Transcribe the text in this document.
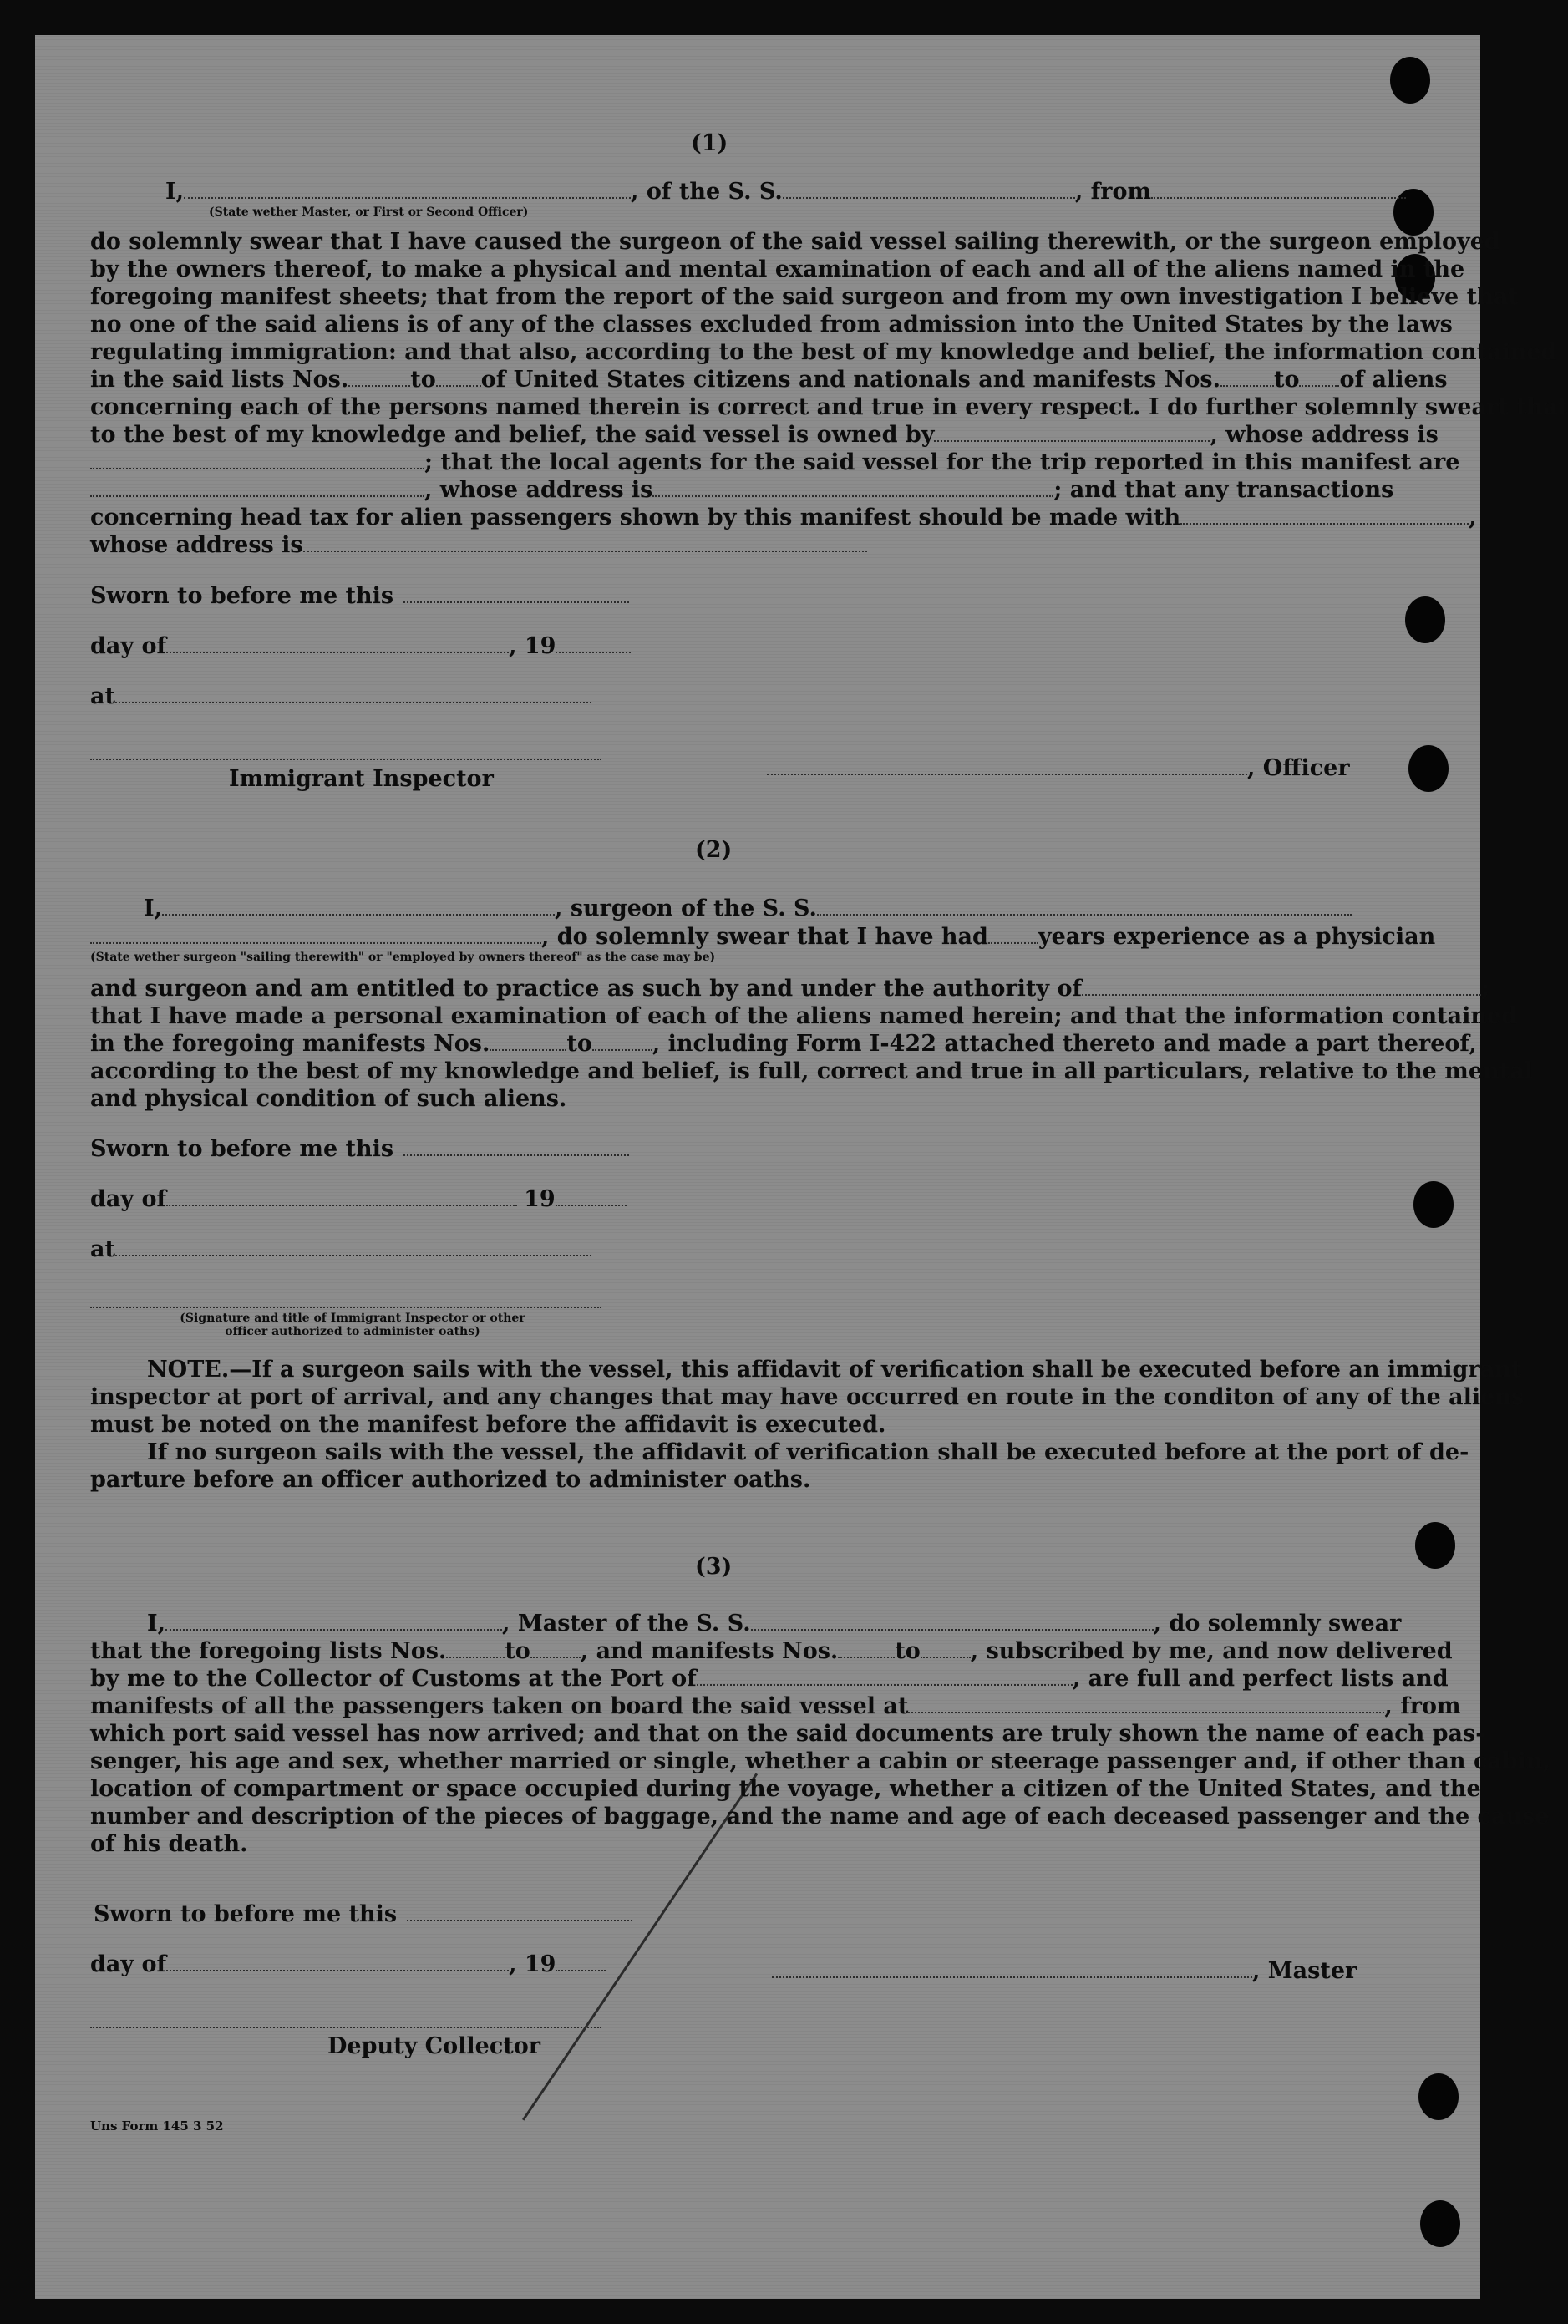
(1)
I,	, of the S. S.	, from
(State wether Master, or First or Second Officer)
do solemnly swear that I have caused the surgeon of the said vessel sailing therewith, or the surgeon employed
by the owners thereof, to make a physical and mental examination of each and all of the aliens named in the
foregoing manifest sheets; that from the report of the said surgeon and from my own investigation I believe that
no one of the said aliens is of any of the classes excluded from admission into the United States by the laws
regulating immigration: and that also, according to the best of my knowledge and belief, the information contained
in the said lists Nos.	to of United States citizens and nationals and manifests Nos. to of aliens
concerning each of the persons named therein is correct and true in every respect. I do further solemnly sweart that
to the best of my knowledge and belief, the said vessel is owned by	, whose address is
; that the local agents for the said vessel for the trip reported in this manifest are
, whose address is	; and that any transactions
concerning head tax for alien passengers shown by this manifest should be made with	,
whose address is
Sworn to before me this
day of	, 19
at
Immigrant Inspector	, Officer
(2)
I,	, surgeon of the S. S.
, do solemnly swear that I have had years experience as a physician
(State wether surgeon "sailing therewith" or "employed by owners thereof" as the case may be)
and surgeon and am entitled to practice as such by and under the authority of	;
that I have made a personal examination of each of the aliens named herein; and that the information contained
in the foregoing manifests Nos.	to	, including Form I-422 attached thereto and made a part thereof,
according to the best of my knowledge and belief, is full, correct and true in all particulars, relative to the mental
and physical condition of such aliens.
Sworn to before me this
day of	19
at
(Signature and title of Immigrant Inspector or other
officer authorized to administer oaths)
NOTE.—If a surgeon sails with the vessel, this affidavit of verification shall be executed before an immigrant
inspector at port of arrival, and any changes that may have occurred en route in the conditon of any of the aliens
must be noted on the manifest before the affidavit is executed.
If no surgeon sails with the vessel, the affidavit of verification shall be executed before at the port of de-
parture before an officer authorized to administer oaths.
(3)
I,	, Master of the S. S.	, do solemnly swear
that the foregoing lists Nos.	to , and manifests Nos.	to , subscribed by me, and now delivered
by me to the Collector of Customs at the Port of	, are full and perfect lists and
manifests of all the passengers taken on board the said vessel at	, from
which port said vessel has now arrived; and that on the said documents are truly shown the name of each pas-
senger, his age and sex, whether married or single, whether a cabin or steerage passenger and, if other than cabin,
location of compartment or space occupied during the voyage, whether a citizen of the United States, and the
number and description of the pieces of baggage, and the name and age of each deceased passenger and the cause
of his death.
Sworn to before me this
day of	, 19	, Master
Deputy Collector
Uns Form 145 3 52
